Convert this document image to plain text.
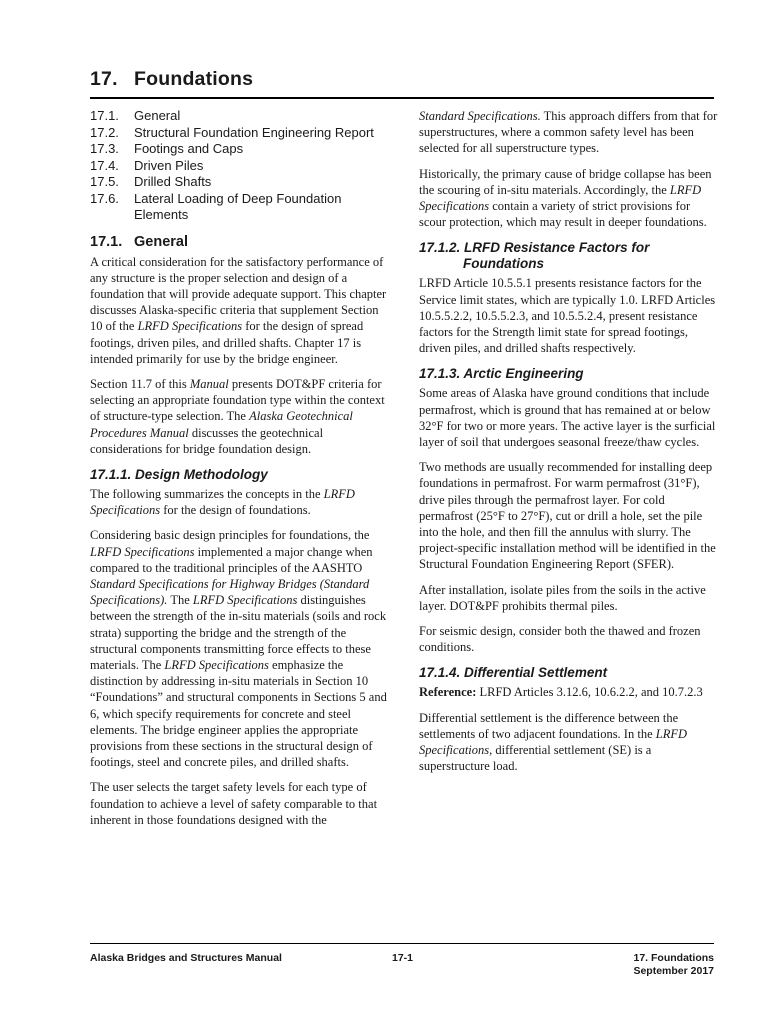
17. Foundations
17.1.	General
17.2.	Structural Foundation Engineering Report
17.3.	Footings and Caps
17.4.	Driven Piles
17.5.	Drilled Shafts
17.6.	Lateral Loading of Deep Foundation Elements
17.1. General

A critical consideration for the satisfactory performance of any structure is the proper selection and design of a foundation that will provide adequate support. This chapter discusses Alaska-specific criteria that supplement Section 10 of the LRFD Specifications for the design of spread footings, driven piles, and drilled shafts. Chapter 17 is intended primarily for use by the bridge engineer.

Section 11.7 of this Manual presents DOT&PF criteria for selecting an appropriate foundation type within the context of structure-type selection. The Alaska Geotechnical Procedures Manual discusses the geotechnical considerations for bridge foundation design.

17.1.1. Design Methodology

The following summarizes the concepts in the LRFD Specifications for the design of foundations.

Considering basic design principles for foundations, the LRFD Specifications implemented a major change when compared to the traditional principles of the AASHTO Standard Specifications for Highway Bridges (Standard Specifications). The LRFD Specifications distinguishes between the strength of the in-situ materials (soils and rock strata) supporting the bridge and the strength of the structural components transmitting force effects to these materials. The LRFD Specifications emphasize the distinction by addressing in-situ materials in Section 10 “Foundations” and structural components in Sections 5 and 6, which specify requirements for concrete and steel elements. The bridge engineer applies the appropriate provisions from these sections in the structural design of footings, steel and concrete piles, and drilled shafts.

The user selects the target safety levels for each type of foundation to achieve a level of safety comparable to that inherent in those foundations designed with the

Standard Specifications. This approach differs from that for superstructures, where a common safety level has been selected for all superstructure types.

Historically, the primary cause of bridge collapse has been the scouring of in-situ materials. Accordingly, the LRFD Specifications contain a variety of strict provisions for scour protection, which may result in deeper foundations.

17.1.2. LRFD Resistance Factors for
Foundations

LRFD Article 10.5.5.1 presents resistance factors for the Service limit states, which are typically 1.0. LRFD Articles 10.5.5.2.2, 10.5.5.2.3, and 10.5.5.2.4, present resistance factors for the Strength limit state for spread footings, driven piles, and drilled shafts respectively.

17.1.3. Arctic Engineering

Some areas of Alaska have ground conditions that include permafrost, which is ground that has remained at or below 32°F for two or more years. The active layer is the surficial layer of soil that undergoes seasonal freeze/thaw cycles.

Two methods are usually recommended for installing deep foundations in permafrost. For warm permafrost (31°F), drive piles through the permafrost layer. For cold permafrost (25°F to 27°F), cut or drill a hole, set the pile into the hole, and then fill the annulus with slurry. The project-specific installation method will be identified in the Structural Foundation Engineering Report (SFER).

After installation, isolate piles from the soils in the active layer. DOT&PF prohibits thermal piles.

For seismic design, consider both the thawed and frozen conditions.

17.1.4. Differential Settlement

Reference: LRFD Articles 3.12.6, 10.6.2.2, and 10.7.2.3

Differential settlement is the difference between the settlements of two adjacent foundations. In the LRFD Specifications, differential settlement (SE) is a superstructure load.

Alaska Bridges and Structures Manual	17-1	17. Foundations
September 2017
